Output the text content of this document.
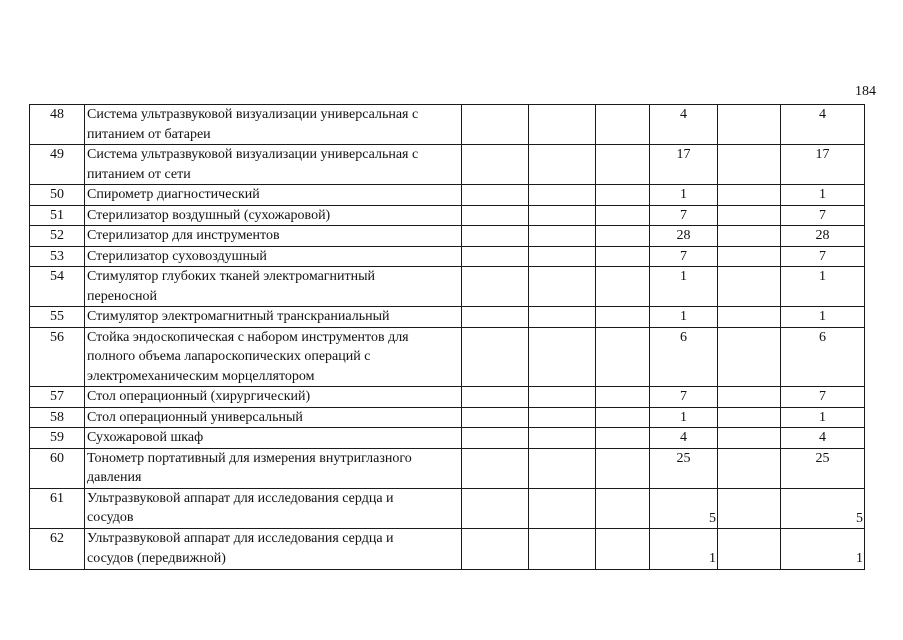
184
48	Система ультразвуковой визуализации универсальная с
питанием от батареи				4		4
49	Система ультразвуковой визуализации универсальная с
питанием от сети				17		17
50	Спирометр диагностический				1		1
51	Стерилизатор воздушный (сухожаровой)				7		7
52	Стерилизатор для инструментов				28		28
53	Стерилизатор суховоздушный				7		7
54	Стимулятор глубоких тканей электромагнитный
переносной				1		1
55	Стимулятор электромагнитный транскраниальный				1		1
56	Стойка эндоскопическая с набором инструментов для
полного объема лапароскопических операций с
электромеханическим морцеллятором				6		6
57	Стол операционный (хирургический)				7		7
58	Стол операционный универсальный				1		1
59	Сухожаровой шкаф				4		4
60	Тонометр портативный для измерения внутриглазного
давления				25		25
61	Ультразвуковой аппарат для исследования сердца и
сосудов				5		5
62	Ультразвуковой аппарат для исследования сердца и
сосудов (передвижной)				1		1
